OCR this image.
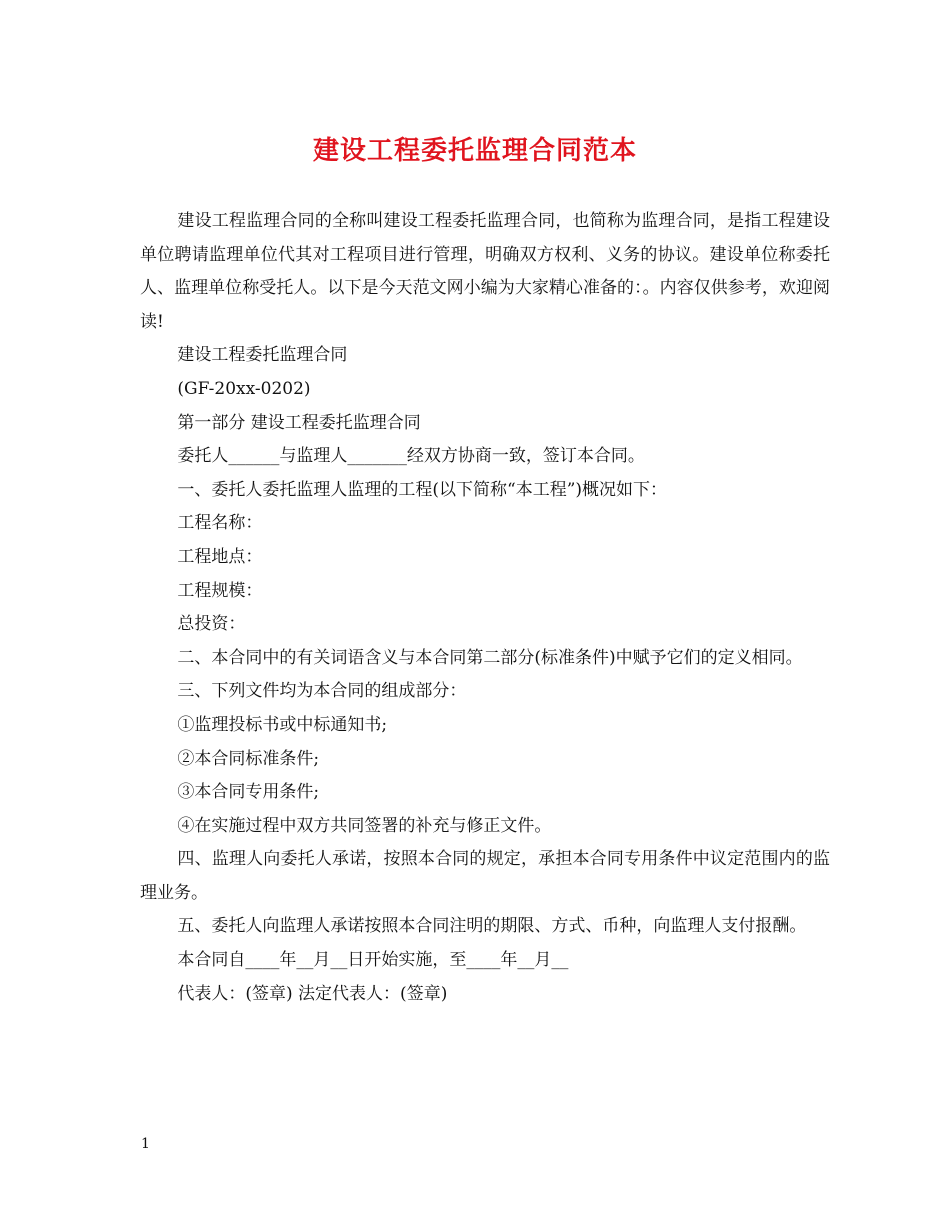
建设工程委托监理合同范本

建设工程监理合同的全称叫建设工程委托监理合同，也简称为监理合同，是指工程建设单位聘请监理单位代其对工程项目进行管理，明确双方权利、义务的协议。建设单位称委托人、监理单位称受托人。以下是今天范文网小编为大家精心准备的：。内容仅供参考，欢迎阅读!

建设工程委托监理合同

(GF-20xx-0202)

第一部分 建设工程委托监理合同

委托人______与监理人_______经双方协商一致，签订本合同。

一、委托人委托监理人监理的工程(以下简称“本工程”)概况如下：

工程名称：

工程地点：

工程规模：

总投资：

二、本合同中的有关词语含义与本合同第二部分(标准条件)中赋予它们的定义相同。

三、下列文件均为本合同的组成部分：

①监理投标书或中标通知书;

②本合同标准条件;

③本合同专用条件;

④在实施过程中双方共同签署的补充与修正文件。

四、监理人向委托人承诺，按照本合同的规定，承担本合同专用条件中议定范围内的监理业务。

五、委托人向监理人承诺按照本合同注明的期限、方式、币种，向监理人支付报酬。

本合同自____年__月__日开始实施，至____年__月__

代表人：(签章) 法定代表人：(签章)

1
